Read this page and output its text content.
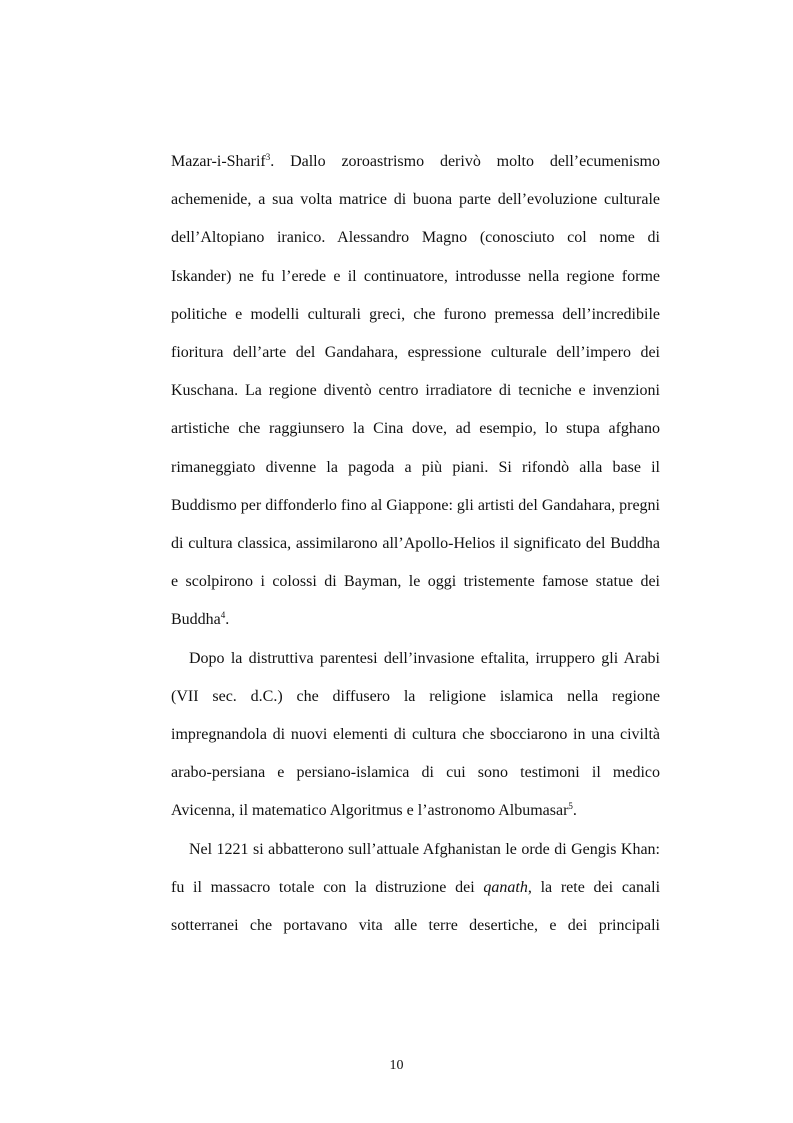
Mazar-i-Sharif$^3$. Dallo zoroastrismo derivò molto dell’ecumenismo achemenide, a sua volta matrice di buona parte dell’evoluzione culturale dell’Altopiano iranico. Alessandro Magno (conosciuto col nome di Iskander) ne fu l’erede e il continuatore, introdusse nella regione forme politiche e modelli culturali greci, che furono premessa dell’incredibile fioritura dell’arte del Gandahara, espressione culturale dell’impero dei Kuschana. La regione diventò centro irradiatore di tecniche e invenzioni artistiche che raggiunsero la Cina dove, ad esempio, lo stupa afghano rimaneggiato divenne la pagoda a più piani. Si rifondò alla base il Buddismo per diffonderlo fino al Giappone: gli artisti del Gandahara, pregni di cultura classica, assimilarono all’Apollo-Helios il significato del Buddha e scolpirono i colossi di Bayman, le oggi tristemente famose statue dei Buddha$^4$.

Dopo la distruttiva parentesi dell’invasione eftalita, irruppero gli Arabi (VII sec. d.C.) che diffusero la religione islamica nella regione impregnandola di nuovi elementi di cultura che sbocciarono in una civiltà arabo-persiana e persiano-islamica di cui sono testimoni il medico Avicenna, il matematico Algoritmus e l’astronomo Albumasar$^5$.

Nel 1221 si abbatterono sull’attuale Afghanistan le orde di Gengis Khan: fu il massacro totale con la distruzione dei qanath, la rete dei canali sotterranei che portavano vita alle terre desertiche, e dei principali

10
